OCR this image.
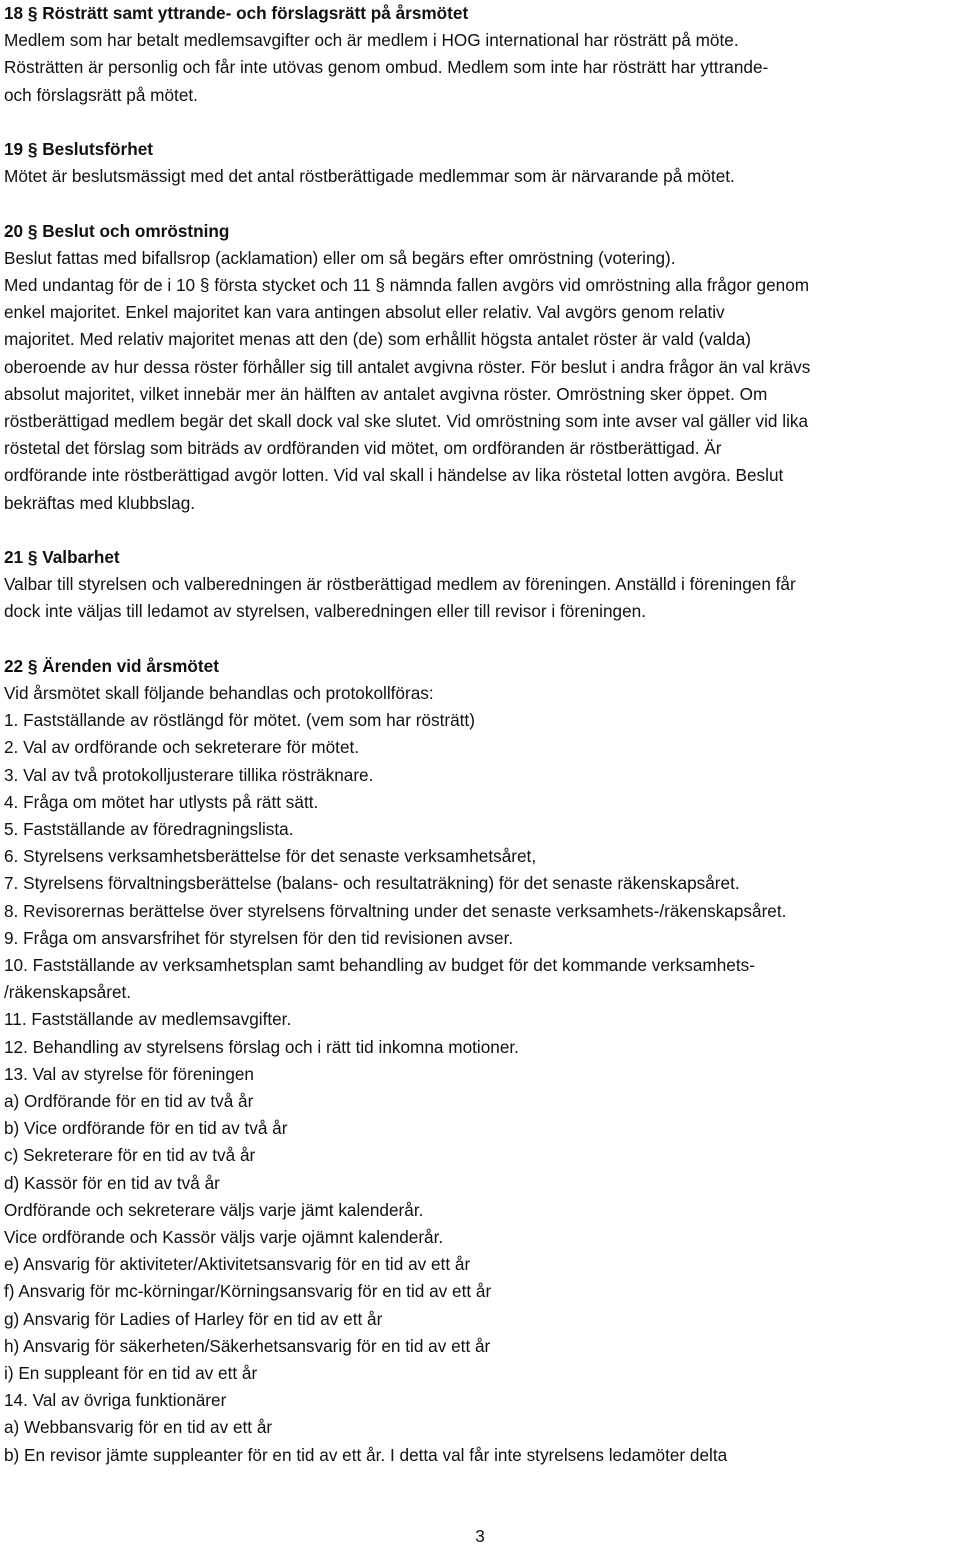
18 § Rösträtt samt yttrande- och förslagsrätt på årsmötet
Medlem som har betalt medlemsavgifter och är medlem i HOG international har rösträtt på möte.
Rösträtten är personlig och får inte utövas genom ombud. Medlem som inte har rösträtt har yttrande-
och förslagsrätt på mötet.
19 § Beslutsförhet
Mötet är beslutsmässigt med det antal röstberättigade medlemmar som är närvarande på mötet.
20 § Beslut och omröstning
Beslut fattas med bifallsrop (acklamation) eller om så begärs efter omröstning (votering).
Med undantag för de i 10 § första stycket och 11 § nämnda fallen avgörs vid omröstning alla frågor genom
enkel majoritet. Enkel majoritet kan vara antingen absolut eller relativ. Val avgörs genom relativ
majoritet. Med relativ majoritet menas att den (de) som erhållit högsta antalet röster är vald (valda)
oberoende av hur dessa röster förhåller sig till antalet avgivna röster. För beslut i andra frågor än val krävs
absolut majoritet, vilket innebär mer än hälften av antalet avgivna röster. Omröstning sker öppet. Om
röstberättigad medlem begär det skall dock val ske slutet. Vid omröstning som inte avser val gäller vid lika
röstetal det förslag som biträds av ordföranden vid mötet, om ordföranden är röstberättigad. Är
ordförande inte röstberättigad avgör lotten. Vid val skall i händelse av lika röstetal lotten avgöra. Beslut
bekräftas med klubbslag.
21 § Valbarhet
Valbar till styrelsen och valberedningen är röstberättigad medlem av föreningen. Anställd i föreningen får
dock inte väljas till ledamot av styrelsen, valberedningen eller till revisor i föreningen.
22 § Ärenden vid årsmötet
Vid årsmötet skall följande behandlas och protokollföras:
1. Fastställande av röstlängd för mötet. (vem som har rösträtt)
2. Val av ordförande och sekreterare för mötet.
3. Val av två protokolljusterare tillika rösträknare.
4. Fråga om mötet har utlysts på rätt sätt.
5. Fastställande av föredragningslista.
6. Styrelsens verksamhetsberättelse för det senaste verksamhetsåret,
7. Styrelsens förvaltningsberättelse (balans- och resultaträkning) för det senaste räkenskapsåret.
8. Revisorernas berättelse över styrelsens förvaltning under det senaste verksamhets-/räkenskapsåret.
9. Fråga om ansvarsfrihet för styrelsen för den tid revisionen avser.
10. Fastställande av verksamhetsplan samt behandling av budget för det kommande verksamhets-
/räkenskapsåret.
11. Fastställande av medlemsavgifter.
12. Behandling av styrelsens förslag och i rätt tid inkomna motioner.
13. Val av styrelse för föreningen
a) Ordförande för en tid av två år
b) Vice ordförande för en tid av två år
c) Sekreterare för en tid av två år
d) Kassör för en tid av två år
Ordförande och sekreterare väljs varje jämt kalenderår.
Vice ordförande och Kassör väljs varje ojämnt kalenderår.
e) Ansvarig för aktiviteter/Aktivitetsansvarig för en tid av ett år
f) Ansvarig för mc-körningar/Körningsansvarig för en tid av ett år
g) Ansvarig för Ladies of Harley för en tid av ett år
h) Ansvarig för säkerheten/Säkerhetsansvarig för en tid av ett år
i) En suppleant för en tid av ett år
14. Val av övriga funktionärer
a) Webbansvarig för en tid av ett år
b) En revisor jämte suppleanter för en tid av ett år. I detta val får inte styrelsens ledamöter delta
3
